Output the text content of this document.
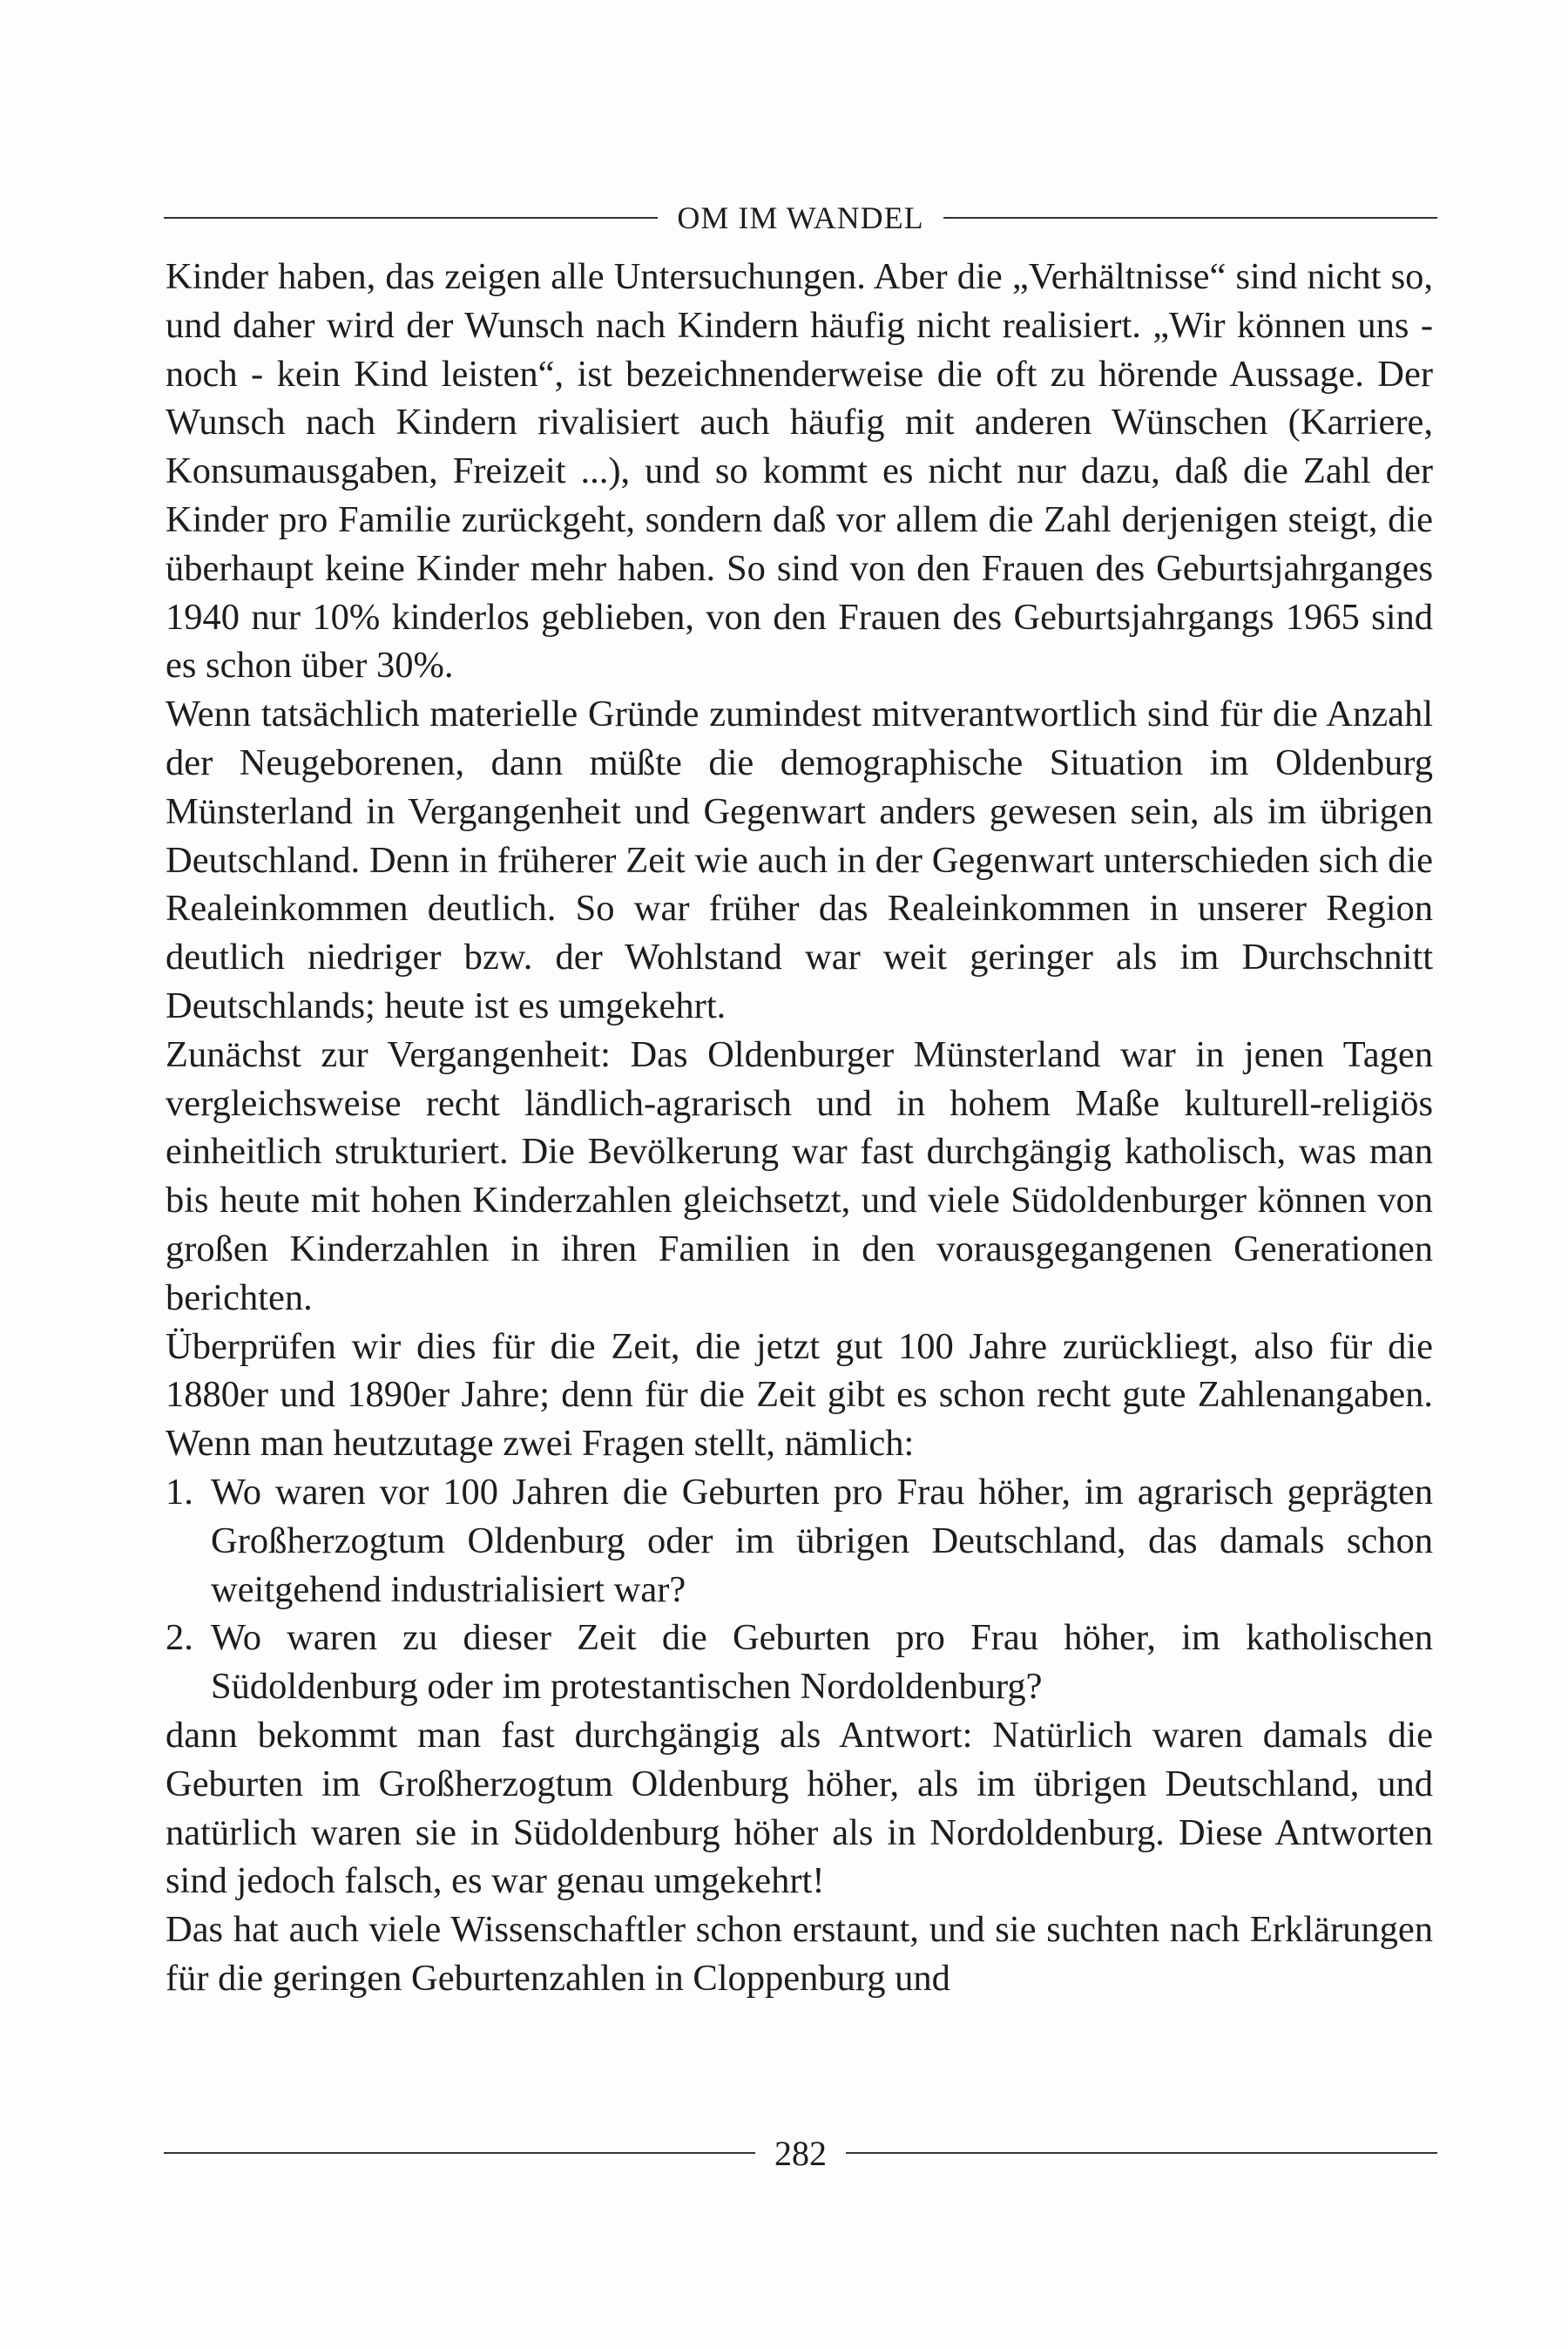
OM IM WANDEL

Kinder haben, das zeigen alle Untersuchungen. Aber die „Verhältnisse“ sind nicht so, und daher wird der Wunsch nach Kindern häufig nicht realisiert. „Wir können uns - noch - kein Kind leisten“, ist bezeichnenderweise die oft zu hörende Aussage. Der Wunsch nach Kindern rivalisiert auch häufig mit anderen Wünschen (Karriere, Konsumausgaben, Freizeit ...), und so kommt es nicht nur dazu, daß die Zahl der Kinder pro Familie zurückgeht, sondern daß vor allem die Zahl derjenigen steigt, die überhaupt keine Kinder mehr haben. So sind von den Frauen des Geburtsjahrganges 1940 nur 10% kinderlos geblieben, von den Frauen des Geburtsjahrgangs 1965 sind es schon über 30%.

Wenn tatsächlich materielle Gründe zumindest mitverantwortlich sind für die Anzahl der Neugeborenen, dann müßte die demographische Situation im Oldenburg Münsterland in Vergangenheit und Gegenwart anders gewesen sein, als im übrigen Deutschland. Denn in früherer Zeit wie auch in der Gegenwart unterschieden sich die Realeinkommen deutlich. So war früher das Realeinkommen in unserer Region deutlich niedriger bzw. der Wohlstand war weit geringer als im Durchschnitt Deutschlands; heute ist es umgekehrt.

Zunächst zur Vergangenheit: Das Oldenburger Münsterland war in jenen Tagen vergleichsweise recht ländlich-agrarisch und in hohem Maße kulturell-religiös einheitlich strukturiert. Die Bevölkerung war fast durchgängig katholisch, was man bis heute mit hohen Kinderzahlen gleichsetzt, und viele Südoldenburger können von großen Kinderzahlen in ihren Familien in den vorausgegangenen Generationen berichten.

Überprüfen wir dies für die Zeit, die jetzt gut 100 Jahre zurückliegt, also für die 1880er und 1890er Jahre; denn für die Zeit gibt es schon recht gute Zahlenangaben. Wenn man heutzutage zwei Fragen stellt, nämlich:

1. Wo waren vor 100 Jahren die Geburten pro Frau höher, im agrarisch geprägten Großherzogtum Oldenburg oder im übrigen Deutschland, das damals schon weitgehend industrialisiert war?
2. Wo waren zu dieser Zeit die Geburten pro Frau höher, im katholischen Südoldenburg oder im protestantischen Nordoldenburg?

dann bekommt man fast durchgängig als Antwort: Natürlich waren damals die Geburten im Großherzogtum Oldenburg höher, als im übrigen Deutschland, und natürlich waren sie in Südoldenburg höher als in Nordoldenburg. Diese Antworten sind jedoch falsch, es war genau umgekehrt!

Das hat auch viele Wissenschaftler schon erstaunt, und sie suchten nach Erklärungen für die geringen Geburtenzahlen in Cloppenburg und

282
